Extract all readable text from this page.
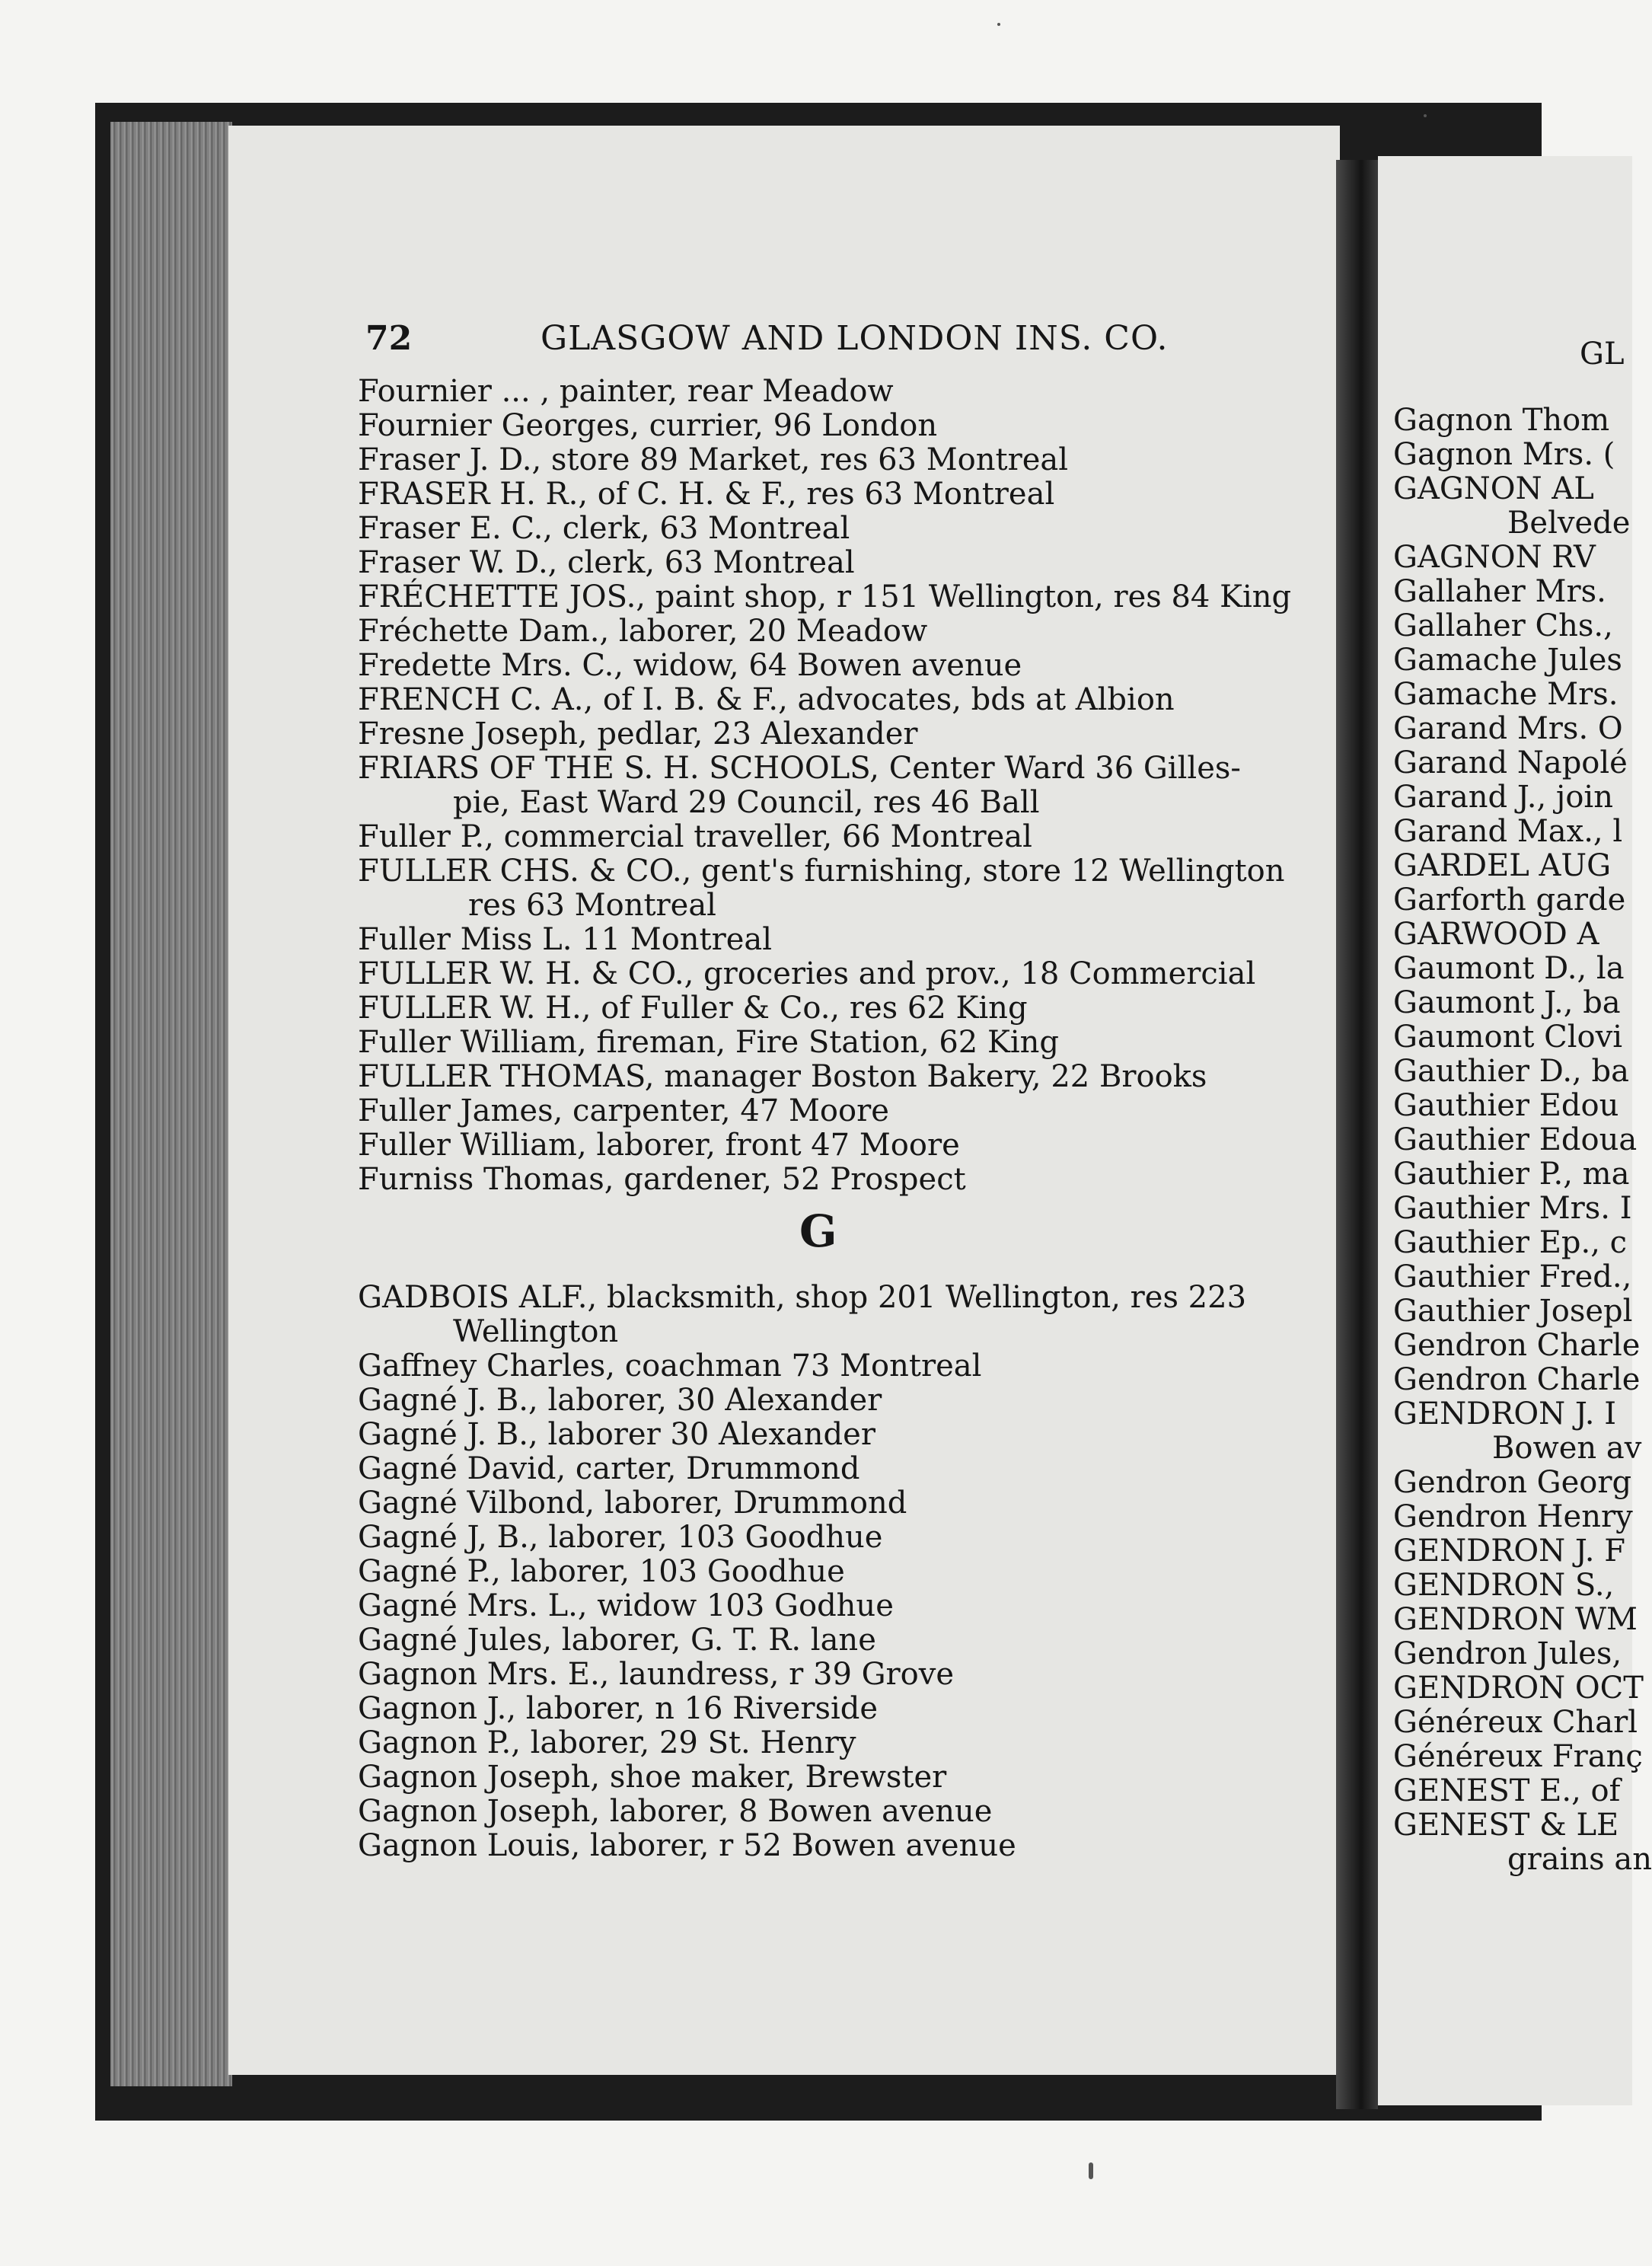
72	GLASGOW AND LONDON INS. CO.
Fournier ... , painter, rear Meadow
Fournier Georges, currier, 96 London
Fraser J. D., store 89 Market, res 63 Montreal
FRASER H. R., of C. H. & F., res 63 Montreal
Fraser E. C., clerk, 63 Montreal
Fraser W. D., clerk, 63 Montreal
FRÉCHETTE JOS., paint shop, r 151 Wellington, res 84 King
Fréchette Dam., laborer, 20 Meadow
Fredette Mrs. C., widow, 64 Bowen avenue
FRENCH C. A., of I. B. & F., advocates, bds at Albion
Fresne Joseph, pedlar, 23 Alexander
FRIARS OF THE S. H. SCHOOLS, Center Ward 36 Gilles-
pie, East Ward 29 Council, res 46 Ball
Fuller P., commercial traveller, 66 Montreal
FULLER CHS. & CO., gent's furnishing, store 12 Wellington
res 63 Montreal
Fuller Miss L. 11 Montreal
FULLER W. H. & CO., groceries and prov., 18 Commercial
FULLER W. H., of Fuller & Co., res 62 King
Fuller William, fireman, Fire Station, 62 King
FULLER THOMAS, manager Boston Bakery, 22 Brooks
Fuller James, carpenter, 47 Moore
Fuller William, laborer, front 47 Moore
Furniss Thomas, gardener, 52 Prospect
G
GADBOIS ALF., blacksmith, shop 201 Wellington, res 223
Wellington
Gaffney Charles, coachman 73 Montreal
Gagné J. B., laborer, 30 Alexander
Gagné J. B., laborer 30 Alexander
Gagné David, carter, Drummond
Gagné Vilbond, laborer, Drummond
Gagné J, B., laborer, 103 Goodhue
Gagné P., laborer, 103 Goodhue
Gagné Mrs. L., widow 103 Godhue
Gagné Jules, laborer, G. T. R. lane
Gagnon Mrs. E., laundress, r 39 Grove
Gagnon J., laborer, n 16 Riverside
Gagnon P., laborer, 29 St. Henry
Gagnon Joseph, shoe maker, Brewster
Gagnon Joseph, laborer, 8 Bowen avenue
Gagnon Louis, laborer, r 52 Bowen avenue
GL
Gagnon Thom
Gagnon Mrs. (
GAGNON AL
Belvede
GAGNON RV
Gallaher Mrs.
Gallaher Chs.,
Gamache Jules
Gamache Mrs.
Garand Mrs. O
Garand Napolé
Garand J., join
Garand Max., l
GARDEL AUG
Garforth garde
GARWOOD A
Gaumont D., la
Gaumont J., ba
Gaumont Clovi
Gauthier D., ba
Gauthier Edou
Gauthier Edoua
Gauthier P., ma
Gauthier Mrs. I
Gauthier Ep., c
Gauthier Fred.,
Gauthier Josepl
Gendron Charle
Gendron Charle
GENDRON J. I
Bowen av
Gendron Georg
Gendron Henry
GENDRON J. F
GENDRON S.,
GENDRON WM
Gendron Jules,
GENDRON OCT
Généreux Charl
Généreux Franç
GENEST E., of
GENEST & LE
grains an
